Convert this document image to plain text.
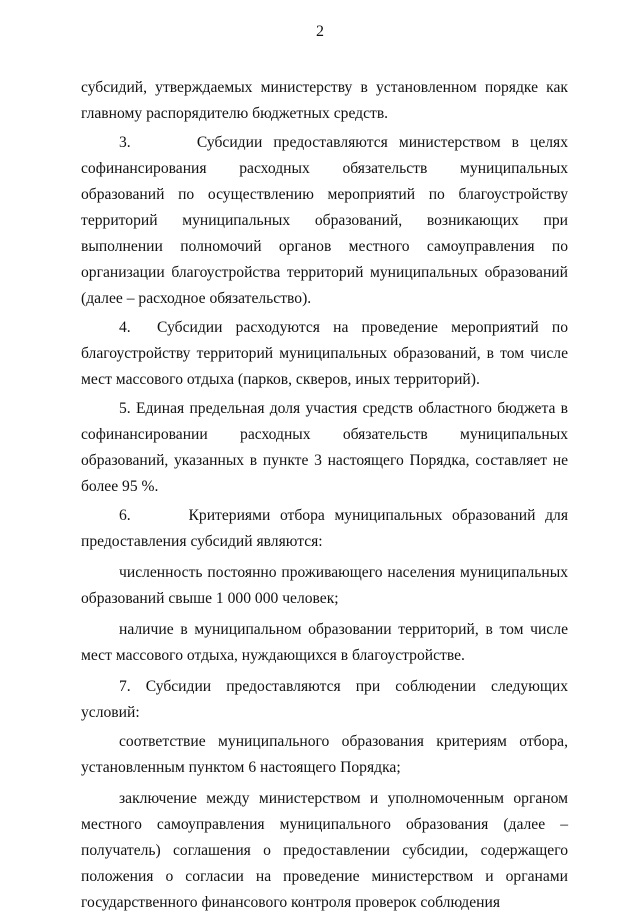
2

субсидий, утверждаемых министерству в установленном порядке как главному распорядителю бюджетных средств.

3.      Субсидии предоставляются министерством в целях софинансирования расходных обязательств муниципальных образований по осуществлению мероприятий по благоустройству территорий муниципальных образований, возникающих при выполнении полномочий органов местного самоуправления по организации благоустройства территорий муниципальных образований (далее – расходное обязательство).

4.  Субсидии расходуются на проведение мероприятий по благоустройству территорий муниципальных образований, в том числе мест массового отдыха (парков, скверов, иных территорий).

5. Единая предельная доля участия средств областного бюджета в софинансировании расходных обязательств муниципальных образований, указанных в пункте 3 настоящего Порядка, составляет не более 95 %.

6.      Критериями отбора муниципальных образований для предоставления субсидий являются:

численность постоянно проживающего населения муниципальных образований свыше 1 000 000 человек;

наличие в муниципальном образовании территорий, в том числе мест массового отдыха, нуждающихся в благоустройстве.

7. Субсидии предоставляются при соблюдении следующих условий:

соответствие муниципального образования критериям отбора, установленным пунктом 6 настоящего Порядка;

заключение между министерством и уполномоченным органом местного самоуправления муниципального образования (далее – получатель) соглашения о предоставлении субсидии, содержащего положения о согласии на проведение министерством и органами государственного финансового контроля проверок соблюдения
